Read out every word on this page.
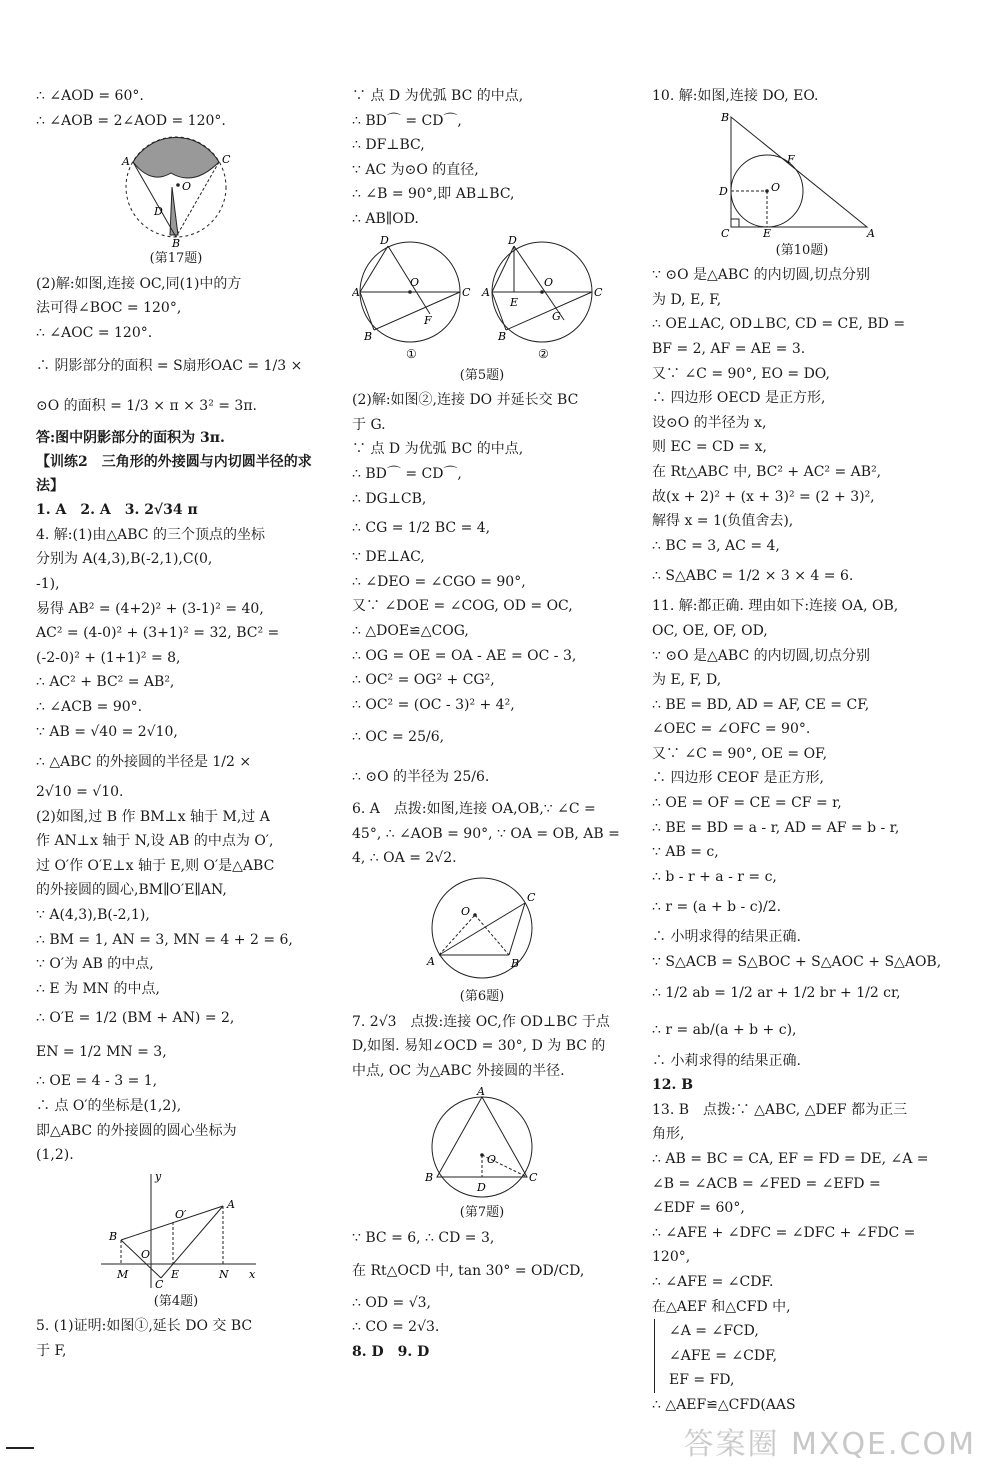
∴ ∠AOD = 60°.
∴ ∠AOB = 2∠AOD = 120°.
A	C
O
D
B
(第17题)
(2)解:如图,连接 OC,同(1)中的方
法可得∠BOC = 120°,
∴ ∠AOC = 120°.
∴ 阴影部分的面积 = S扇形OAC = 1/3 ×
⊙O 的面积 = 1/3 × π × 3² = 3π.
答:图中阴影部分的面积为 3π.
【训练2　三角形的外接圆与内切圆半径的求法】
1. A　2. A　3. 2√34 π
4. 解:(1)由△ABC 的三个顶点的坐标
分别为 A(4,3),B(-2,1),C(0,
-1),
易得 AB² = (4+2)² + (3-1)² = 40,
AC² = (4-0)² + (3+1)² = 32, BC² =
(-2-0)² + (1+1)² = 8,
∴ AC² + BC² = AB²,
∴ ∠ACB = 90°.
∵ AB = √40 = 2√10,
∴ △ABC 的外接圆的半径是 1/2 ×
2√10 = √10.
(2)如图,过 B 作 BM⊥x 轴于 M,过 A
作 AN⊥x 轴于 N,设 AB 的中点为 O′,
过 O′作 O′E⊥x 轴于 E,则 O′是△ABC
的外接圆的圆心,BM∥O′E∥AN,
∵ A(4,3),B(-2,1),
∴ BM = 1, AN = 3, MN = 4 + 2 = 6,
∵ O′为 AB 的中点,
∴ E 为 MN 的中点,
∴ O′E = 1/2 (BM + AN) = 2,
EN = 1/2 MN = 3,
∴ OE = 4 - 3 = 1,
∴ 点 O′的坐标是(1,2),
即△ABC 的外接圆的圆心坐标为
(1,2).
y
O′
A
B
M
O
E	N x
C
(第4题)
5. (1)证明:如图①,延长 DO 交 BC
于 F,
∵ 点 D 为优弧 BC 的中点,
∴ BD⌒ = CD⌒,
∴ DF⊥BC,
∵ AC 为⊙O 的直径,
∴ ∠B = 90°,即 AB⊥BC,
∴ AB∥OD.
D
A
O
C
F
B
①
D
A
O
C
E
G
B
②
(第5题)
(2)解:如图②,连接 DO 并延长交 BC
于 G.
∵ 点 D 为优弧 BC 的中点,
∴ BD⌒ = CD⌒,
∴ DG⊥CB,
∴ CG = 1/2 BC = 4,
∵ DE⊥AC,
∴ ∠DEO = ∠CGO = 90°,
又∵ ∠DOE = ∠COG, OD = OC,
∴ △DOE≌△COG,
∴ OG = OE = OA - AE = OC - 3,
∴ OC² = OG² + CG²,
∴ OC² = (OC - 3)² + 4²,
∴ OC = 25/6,
∴ ⊙O 的半径为 25/6.
6. A　点拨:如图,连接 OA,OB,∵ ∠C =
45°, ∴ ∠AOB = 90°, ∵ OA = OB, AB =
4, ∴ OA = 2√2.
O
C
A	B
(第6题)
7. 2√3　点拨:连接 OC,作 OD⊥BC 于点
D,如图. 易知∠OCD = 30°, D 为 BC 的
中点, OC 为△ABC 外接圆的半径.
A
O
B
D
C
(第7题)
∵ BC = 6, ∴ CD = 3,
在 Rt△OCD 中, tan 30° = OD/CD,
∴ OD = √3,
∴ CO = 2√3.
8. D　9. D
10. 解:如图,连接 DO, EO.
B
F
D	O
C	E	A
(第10题)
∵ ⊙O 是△ABC 的内切圆,切点分别
为 D, E, F,
∴ OE⊥AC, OD⊥BC, CD = CE, BD =
BF = 2, AF = AE = 3.
又∵ ∠C = 90°, EO = DO,
∴ 四边形 OECD 是正方形,
设⊙O 的半径为 x,
则 EC = CD = x,
在 Rt△ABC 中, BC² + AC² = AB²,
故(x + 2)² + (x + 3)² = (2 + 3)²,
解得 x = 1(负值舍去),
∴ BC = 3, AC = 4,
∴ S△ABC = 1/2 × 3 × 4 = 6.
11. 解:都正确. 理由如下:连接 OA, OB,
OC, OE, OF, OD,
∵ ⊙O 是△ABC 的内切圆,切点分别
为 E, F, D,
∴ BE = BD, AD = AF, CE = CF,
∠OEC = ∠OFC = 90°.
又∵ ∠C = 90°, OE = OF,
∴ 四边形 CEOF 是正方形,
∴ OE = OF = CE = CF = r,
∴ BE = BD = a - r, AD = AF = b - r,
∵ AB = c,
∴ b - r + a - r = c,
∴ r = (a + b - c)/2.
∴ 小明求得的结果正确.
∵ S△ACB = S△BOC + S△AOC + S△AOB,
∴ 1/2 ab = 1/2 ar + 1/2 br + 1/2 cr,
∴ r = ab/(a + b + c),
∴ 小莉求得的结果正确.
12. B
13. B　点拨:∵ △ABC, △DEF 都为正三
角形,
∴ AB = BC = CA, EF = FD = DE, ∠A =
∠B = ∠ACB = ∠FED = ∠EFD =
∠EDF = 60°,
∴ ∠AFE + ∠DFC = ∠DFC + ∠FDC =
120°,
∴ ∠AFE = ∠CDF.
在△AEF 和△CFD 中,
∠A = ∠FCD,
∠AFE = ∠CDF,
EF = FD,
∴ △AEF≌△CFD(AAS
答案圈 MXQE.COM
